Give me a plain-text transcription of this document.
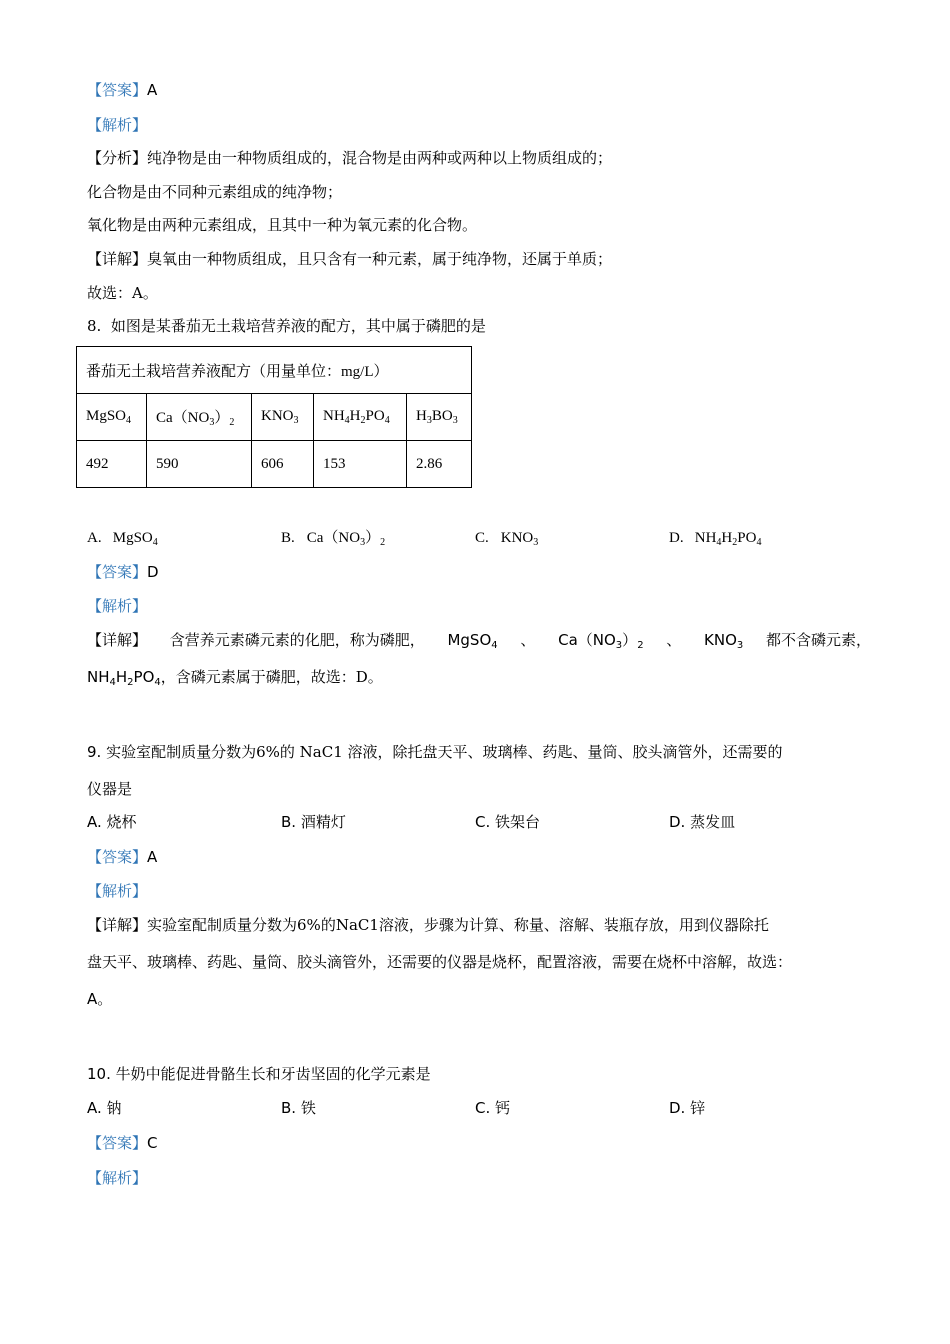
【答案】A
【解析】
【分析】纯净物是由一种物质组成的，混合物是由两种或两种以上物质组成的；
化合物是由不同种元素组成的纯净物；
氧化物是由两种元素组成，且其中一种为氧元素的化合物。
【详解】臭氧由一种物质组成，且只含有一种元素，属于纯净物，还属于单质；
故选：A。
8. 如图是某番茄无土栽培营养液的配方，其中属于磷肥的是
番茄无土栽培营养液配方（用量单位：mg/L）				
MgSO$_4$	$Ca(NO_3)_2$	$KNO_3$	$NH_4H_2PO_4$	$H_3BO_3$
492	590	606	153	2.86
A. MgSO$_4$	B. $Ca(NO_3)_2$	C. $KNO_3$	D. $NH_4H_2PO_4$
【答案】D
【解析】
【详解】 含营养元素磷元素的化肥，称为磷肥， MgSO$_4$ 、 $Ca(NO_3)_2$ 、 $KNO_3$ 都不含磷元素，
$NH_4H_2PO_4$，含磷元素属于磷肥，故选：D。
9. 实验室配制质量分数为6%的 NaC1 溶液，除托盘天平、玻璃棒、药匙、量筒、胶头滴管外，还需要的
仪器是
A. 烧杯	B. 酒精灯	C. 铁架台	D. 蒸发皿
【答案】A
【解析】
【详解】实验室配制质量分数为6%的NaC1溶液，步骤为计算、称量、溶解、装瓶存放，用到仪器除托
盘天平、玻璃棒、药匙、量筒、胶头滴管外，还需要的仪器是烧杯，配置溶液，需要在烧杯中溶解，故选：
A。
10. 牛奶中能促进骨骼生长和牙齿坚固的化学元素是
A. 钠	B. 铁	C. 钙	D. 锌
【答案】C
【解析】
